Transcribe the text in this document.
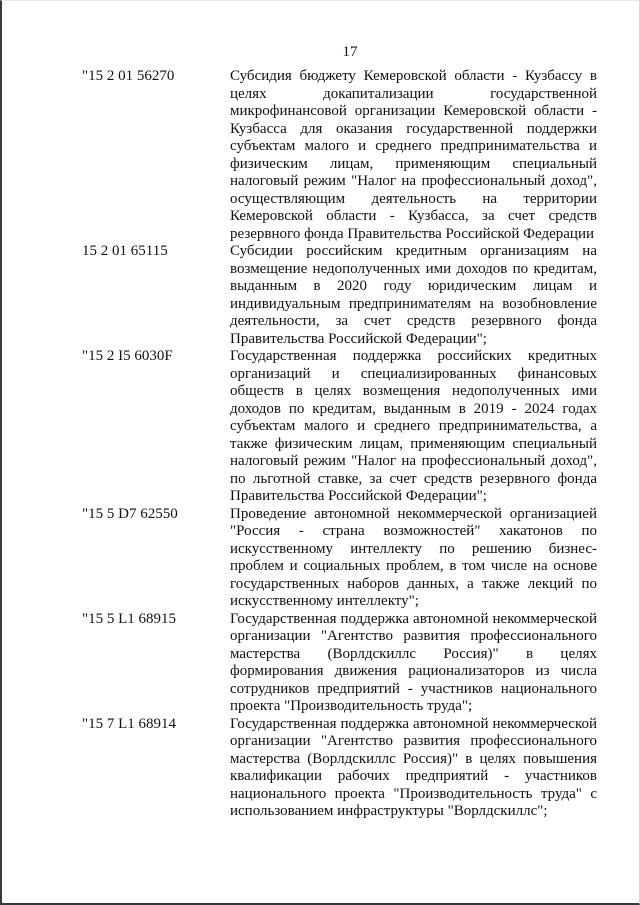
17
"15 2 01 56270	Субсидия бюджету Кемеровской области - Кузбассу в целях докапитализации государственной микрофинансовой организации Кемеровской области - Кузбасса для оказания государственной поддержки субъектам малого и среднего предпринимательства и физическим лицам, применяющим специальный налоговый режим "Налог на профессиональный доход", осуществляющим деятельность на территории Кемеровской области - Кузбасса, за счет средств резервного фонда Правительства Российской Федерации
15 2 01 65115	Субсидии российским кредитным организациям на возмещение недополученных ими доходов по кредитам, выданным в 2020 году юридическим лицам и индивидуальным предпринимателям на возобновление деятельности, за счет средств резервного фонда Правительства Российской Федерации";
"15 2 I5 6030F	Государственная поддержка российских кредитных организаций и специализированных финансовых обществ в целях возмещения недополученных ими доходов по кредитам, выданным в 2019 - 2024 годах субъектам малого и среднего предпринимательства, а также физическим лицам, применяющим специальный налоговый режим "Налог на профессиональный доход", по льготной ставке, за счет средств резервного фонда Правительства Российской Федерации";
"15 5 D7 62550	Проведение автономной некоммерческой организацией "Россия - страна возможностей" хакатонов по искусственному интеллекту по решению бизнес-проблем и социальных проблем, в том числе на основе государственных наборов данных, а также лекций по искусственному интеллекту";
"15 5 L1 68915	Государственная поддержка автономной некоммерческой организации "Агентство развития профессионального мастерства (Ворлдскиллс Россия)" в целях формирования движения рационализаторов из числа сотрудников предприятий - участников национального проекта "Производительность труда";
"15 7 L1 68914	Государственная поддержка автономной некоммерческой организации "Агентство развития профессионального мастерства (Ворлдскиллс Россия)" в целях повышения квалификации рабочих предприятий - участников национального проекта "Производительность труда" с использованием инфраструктуры "Ворлдскиллс";
